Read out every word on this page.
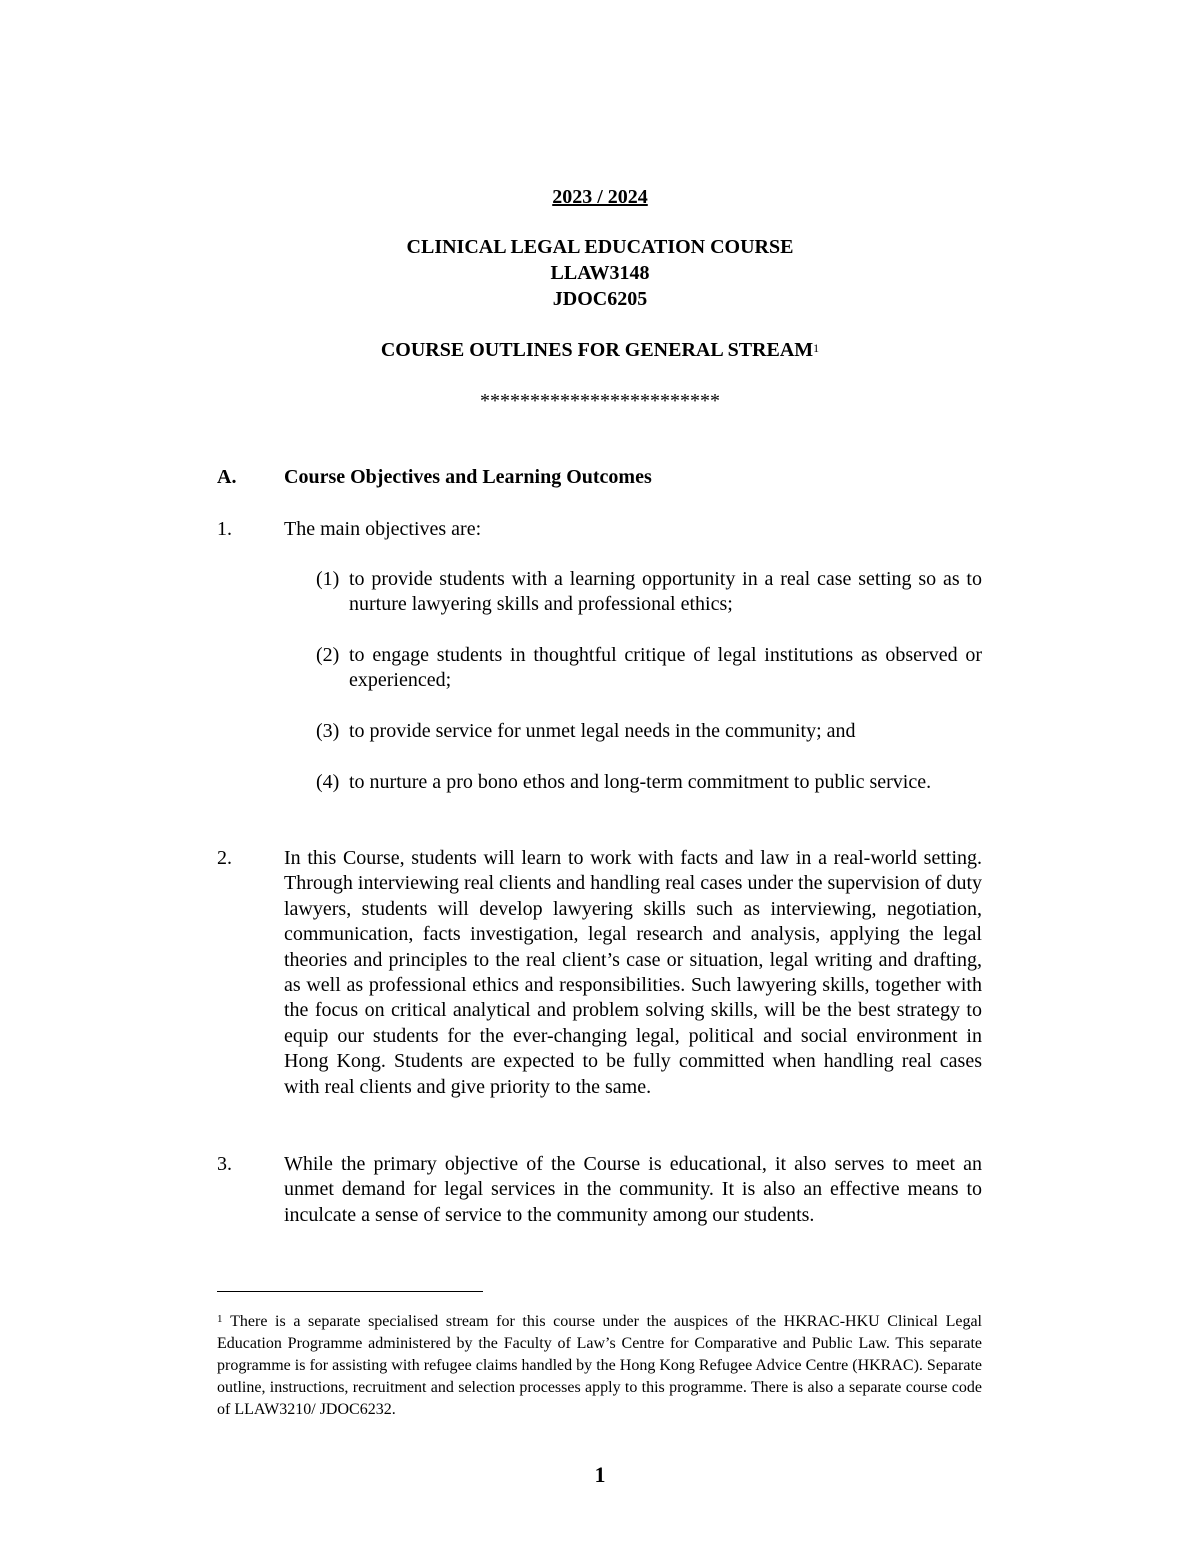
2023 / 2024
CLINICAL LEGAL EDUCATION COURSE
LLAW3148
JDOC6205
COURSE OUTLINES FOR GENERAL STREAM$^1$
************************
A. Course Objectives and Learning Outcomes
1.	The main objectives are:
(1) to provide students with a learning opportunity in a real case setting so as to nurture lawyering skills and professional ethics;
(2) to engage students in thoughtful critique of legal institutions as observed or experienced;
(3) to provide service for unmet legal needs in the community; and
(4) to nurture a pro bono ethos and long-term commitment to public service.
2.	In this Course, students will learn to work with facts and law in a real-world setting. Through interviewing real clients and handling real cases under the supervision of duty lawyers, students will develop lawyering skills such as interviewing, negotiation, communication, facts investigation, legal research and analysis, applying the legal theories and principles to the real client’s case or situation, legal writing and drafting, as well as professional ethics and responsibilities. Such lawyering skills, together with the focus on critical analytical and problem solving skills, will be the best strategy to equip our students for the ever-changing legal, political and social environment in Hong Kong. Students are expected to be fully committed when handling real cases with real clients and give priority to the same.
3.	While the primary objective of the Course is educational, it also serves to meet an unmet demand for legal services in the community. It is also an effective means to inculcate a sense of service to the community among our students.
$^1$ There is a separate specialised stream for this course under the auspices of the HKRAC-HKU Clinical Legal Education Programme administered by the Faculty of Law’s Centre for Comparative and Public Law. This separate programme is for assisting with refugee claims handled by the Hong Kong Refugee Advice Centre (HKRAC). Separate outline, instructions, recruitment and selection processes apply to this programme. There is also a separate course code of LLAW3210/ JDOC6232.
1
